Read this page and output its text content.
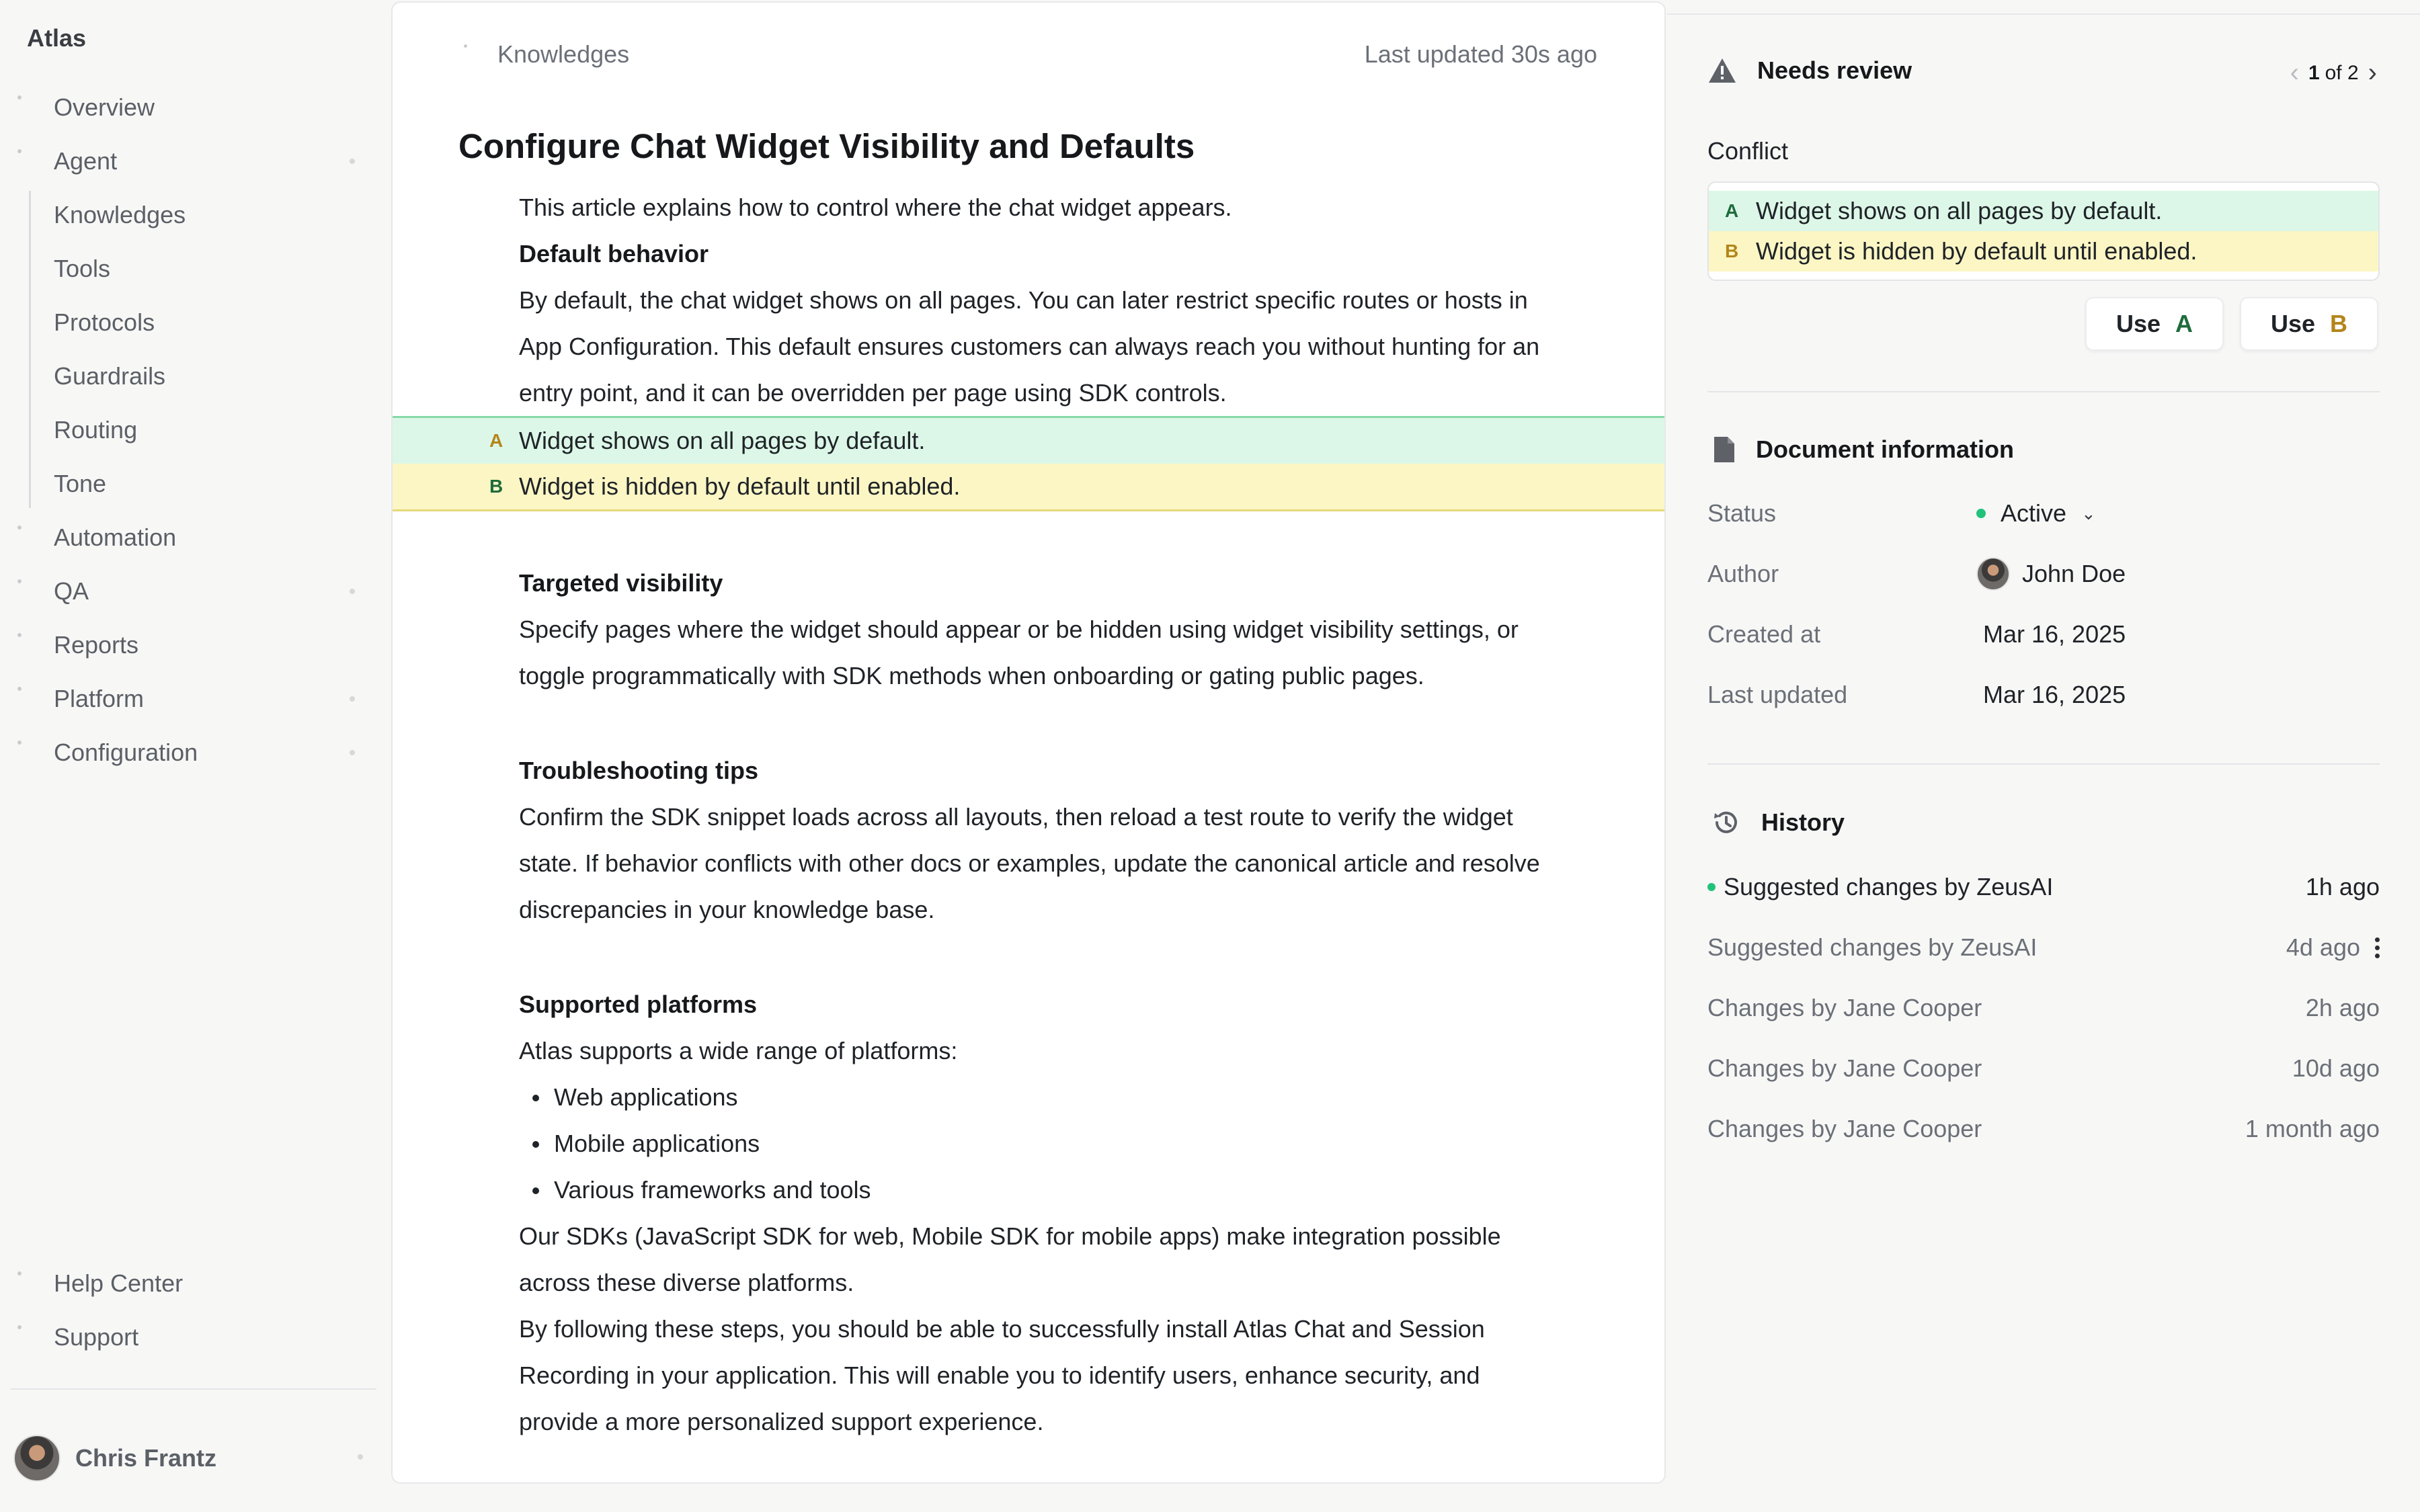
Atlas
Overview
Agent
Knowledges
Tools
Protocols
Guardrails
Routing
Tone
Automation
QA
Reports
Platform
Configuration
Help Center
Support
Chris Frantz
Knowledges	Last updated 30s ago
Configure Chat Widget Visibility and Defaults
This article explains how to control where the chat widget appears.
Default behavior
By default, the chat widget shows on all pages. You can later restrict specific routes or hosts in
App Configuration. This default ensures customers can always reach you without hunting for an
entry point, and it can be overridden per page using SDK controls.
A Widget shows on all pages by default.
B Widget is hidden by default until enabled.
Targeted visibility
Specify pages where the widget should appear or be hidden using widget visibility settings, or
toggle programmatically with SDK methods when onboarding or gating public pages.
Troubleshooting tips
Confirm the SDK snippet loads across all layouts, then reload a test route to verify the widget
state. If behavior conflicts with other docs or examples, update the canonical article and resolve
discrepancies in your knowledge base.
Supported platforms
Atlas supports a wide range of platforms:
Web applications
Mobile applications
Various frameworks and tools
Our SDKs (JavaScript SDK for web, Mobile SDK for mobile apps) make integration possible
across these diverse platforms.
By following these steps, you should be able to successfully install Atlas Chat and Session
Recording in your application. This will enable you to identify users, enhance security, and
provide a more personalized support experience.
Needs review	‹ 1 of 2 ›
Conflict
A Widget shows on all pages by default.
B Widget is hidden by default until enabled.
Use A	Use B
Document information
Status	Active ⌄
Author	John Doe
Created at	Mar 16, 2025
Last updated	Mar 16, 2025
History
Suggested changes by ZeusAI	1h ago
Suggested changes by ZeusAI	4d ago
Changes by Jane Cooper	2h ago
Changes by Jane Cooper	10d ago
Changes by Jane Cooper	1 month ago
